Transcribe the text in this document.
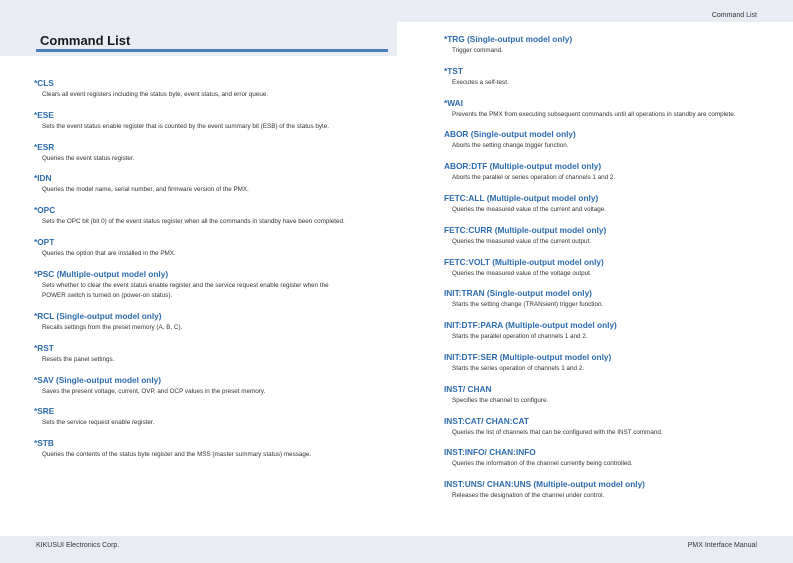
Command List
Command List
*CLS
Clears all event registers including the status byte, event status, and error queue.
*ESE
Sets the event status enable register that is counted by the event summary bit (ESB) of the status byte.
*ESR
Queries the event status register.
*IDN
Queries the model name, serial number, and firmware version of the PMX.
*OPC
Sets the OPC bit (bit 0) of the event status register when all the commands in standby have been completed.
*OPT
Queries the option that are installed in the PMX.
*PSC (Multiple-output model only)
Sets whether to clear the event status enable register and the service request enable register when the POWER switch is turned on (power-on status).
*RCL (Single-output model only)
Recalls settings from the preset memory (A, B, C).
*RST
Resets the panel settings.
*SAV (Single-output model only)
Saves the present voltage, current, OVP, and OCP values in the preset memory.
*SRE
Sets the service request enable register.
*STB
Queries the contents of the status byte register and the MSS (master summary status) message.
*TRG (Single-output model only)
Trigger command.
*TST
Executes a self-test.
*WAI
Prevents the PMX from executing subsequent commands until all operations in standby are complete.
ABOR (Single-output model only)
Aborts the setting change trigger function.
ABOR:DTF (Multiple-output model only)
Aborts the parallel or series operation of channels 1 and 2.
FETC:ALL (Multiple-output model only)
Queries the measured value of the current and voltage.
FETC:CURR (Multiple-output model only)
Queries the measured value of the current output.
FETC:VOLT (Multiple-output model only)
Queries the measured value of the voltage output.
INIT:TRAN (Single-output model only)
Starts the setting change (TRANsient) trigger function.
INIT:DTF:PARA (Multiple-output model only)
Starts the parallel operation of channels 1 and 2.
INIT:DTF:SER (Multiple-output model only)
Starts the series operation of channels 1 and 2.
INST/ CHAN
Specifies the channel to configure.
INST:CAT/ CHAN:CAT
Queries the list of channels that can be configured with the INST command.
INST:INFO/ CHAN:INFO
Queries the information of the channel currently being controlled.
INST:UNS/ CHAN:UNS (Multiple-output model only)
Releases the designation of the channel under control.
KIKUSUI Electronics Corp.	PMX Interface Manual
